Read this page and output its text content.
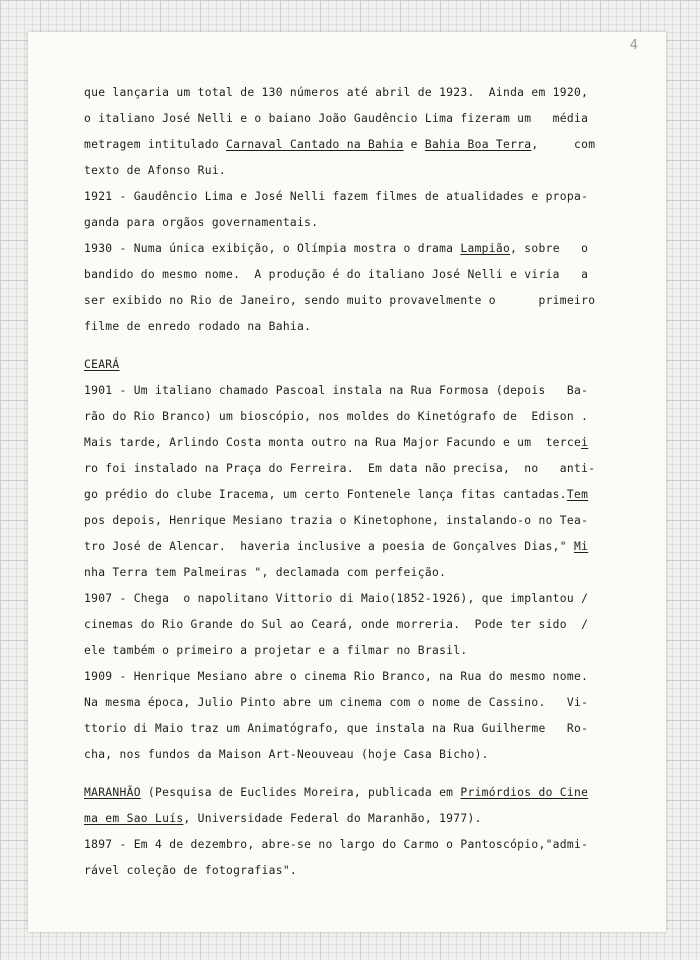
4
que lançaria um total de 130 números até abril de 1923.  Ainda em 1920,
o italiano José Nelli e o baiano João Gaudêncio Lima fizeram um   média
metragem intitulado Carnaval Cantado na Bahia e Bahia Boa Terra,     com
texto de Afonso Rui.
1921 - Gaudêncio Lima e José Nelli fazem filmes de atualidades e propa-
ganda para orgãos governamentais.
1930 - Numa única exibição, o Olímpia mostra o drama Lampião, sobre   o
bandido do mesmo nome.  A produção é do italiano José Nelli e viria   a
ser exibido no Rio de Janeiro, sendo muito provavelmente o      primeiro
filme de enredo rodado na Bahia.
CEARÁ
1901 - Um italiano chamado Pascoal instala na Rua Formosa (depois   Ba-
rão do Rio Branco) um bioscópio, nos moldes do Kinetógrafo de  Edison .
Mais tarde, Arlindo Costa monta outro na Rua Major Facundo e um  tercei
ro foi instalado na Praça do Ferreira.  Em data não precisa,  no   anti-
go prédio do clube Iracema, um certo Fontenele lança fitas cantadas.Tem
pos depois, Henrique Mesiano trazia o Kinetophone, instalando-o no Tea-
tro José de Alencar.  haveria inclusive a poesia de Gonçalves Dias," Mi
nha Terra tem Palmeiras ", declamada com perfeição.
1907 - Chega  o napolitano Vittorio di Maio(1852-1926), que implantou /
cinemas do Rio Grande do Sul ao Ceará, onde morreria.  Pode ter sido  /
ele também o primeiro a projetar e a filmar no Brasil.
1909 - Henrique Mesiano abre o cinema Rio Branco, na Rua do mesmo nome.
Na mesma época, Julio Pinto abre um cinema com o nome de Cassino.   Vi-
ttorio di Maio traz um Animatógrafo, que instala na Rua Guilherme   Ro-
cha, nos fundos da Maison Art-Neouveau (hoje Casa Bicho).
MARANHÃO (Pesquisa de Euclides Moreira, publicada em Primórdios do Cine
ma em Sao Luís, Universidade Federal do Maranhão, 1977).
1897 - Em 4 de dezembro, abre-se no largo do Carmo o Pantoscópio,"admi-
rável coleção de fotografias".
